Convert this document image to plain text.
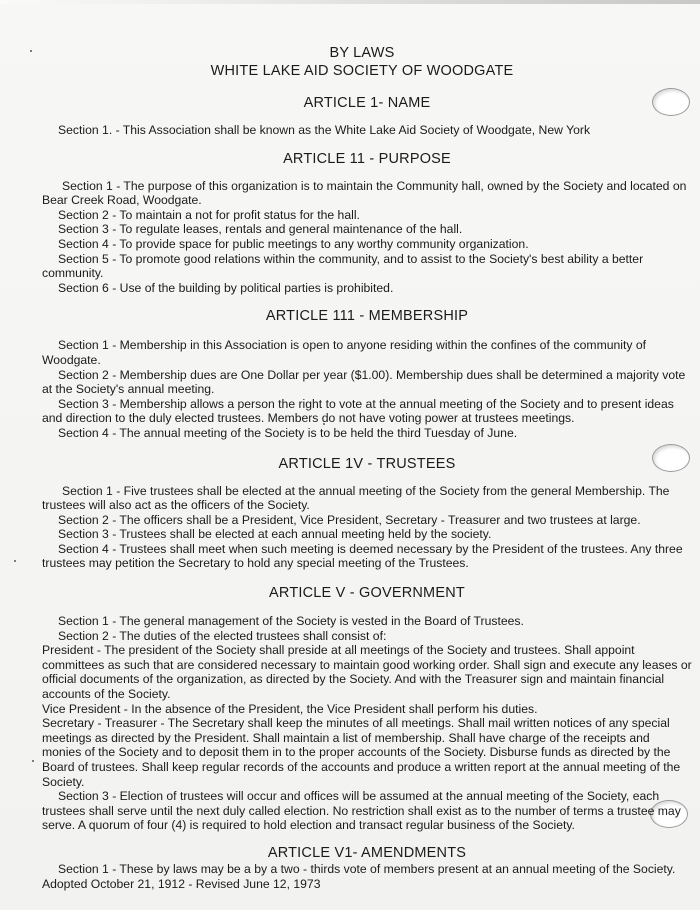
BY LAWS
WHITE LAKE AID SOCIETY OF WOODGATE
ARTICLE 1- NAME

Section 1. - This Association shall be known as the White Lake Aid Society of Woodgate, New York

ARTICLE 11 - PURPOSE

Section 1 - The purpose of this organization is to maintain the Community hall, owned by the Society and located on Bear Creek Road, Woodgate.

Section 2 - To maintain a not for profit status for the hall.

Section 3 - To regulate leases, rentals and general maintenance of the hall.

Section 4 - To provide space for public meetings to any worthy community organization.

Section 5 - To promote good relations within the community, and to assist to the Society's best ability a better community.

Section 6 - Use of the building by political parties is prohibited.

ARTICLE 111 - MEMBERSHIP

Section 1 - Membership in this Association is open to anyone residing within the confines of the community of Woodgate.

Section 2 - Membership dues are One Dollar per year ($1.00). Membership dues shall be determined a majority vote at the Society's annual meeting.

Section 3 - Membership allows a person the right to vote at the annual meeting of the Society and to present ideas and direction to the duly elected trustees. Members do not have voting power at trustees meetings.

Section 4 - The annual meeting of the Society is to be held the third Tuesday of June.

ARTICLE 1V - TRUSTEES

Section 1 - Five trustees shall be elected at the annual meeting of the Society from the general Membership. The trustees will also act as the officers of the Society.

Section 2 - The officers shall be a President, Vice President, Secretary - Treasurer and two trustees at large.

Section 3 - Trustees shall be elected at each annual meeting held by the society.

Section 4 - Trustees shall meet when such meeting is deemed necessary by the President of the trustees. Any three trustees may petition the Secretary to hold any special meeting of the Trustees.

ARTICLE V - GOVERNMENT

Section 1 - The general management of the Society is vested in the Board of Trustees.

Section 2 - The duties of the elected trustees shall consist of:

President - The president of the Society shall preside at all meetings of the Society and trustees. Shall appoint committees as such that are considered necessary to maintain good working order. Shall sign and execute any leases or official documents of the organization, as directed by the Society. And with the Treasurer sign and maintain financial accounts of the Society.

Vice President - In the absence of the President, the Vice President shall perform his duties.

Secretary - Treasurer - The Secretary shall keep the minutes of all meetings. Shall mail written notices of any special meetings as directed by the President. Shall maintain a list of membership. Shall have charge of the receipts and monies of the Society and to deposit them in to the proper accounts of the Society. Disburse funds as directed by the Board of trustees. Shall keep regular records of the accounts and produce a written report at the annual meeting of the Society.

Section 3 - Election of trustees will occur and offices will be assumed at the annual meeting of the Society, each trustees shall serve until the next duly called election. No restriction shall exist as to the number of terms a trustee may serve. A quorum of four (4) is required to hold election and transact regular business of the Society.

ARTICLE V1- AMENDMENTS

Section 1 - These by laws may be a by a two - thirds vote of members present at an annual meeting of the Society.

Adopted October 21, 1912 - Revised June 12, 1973
